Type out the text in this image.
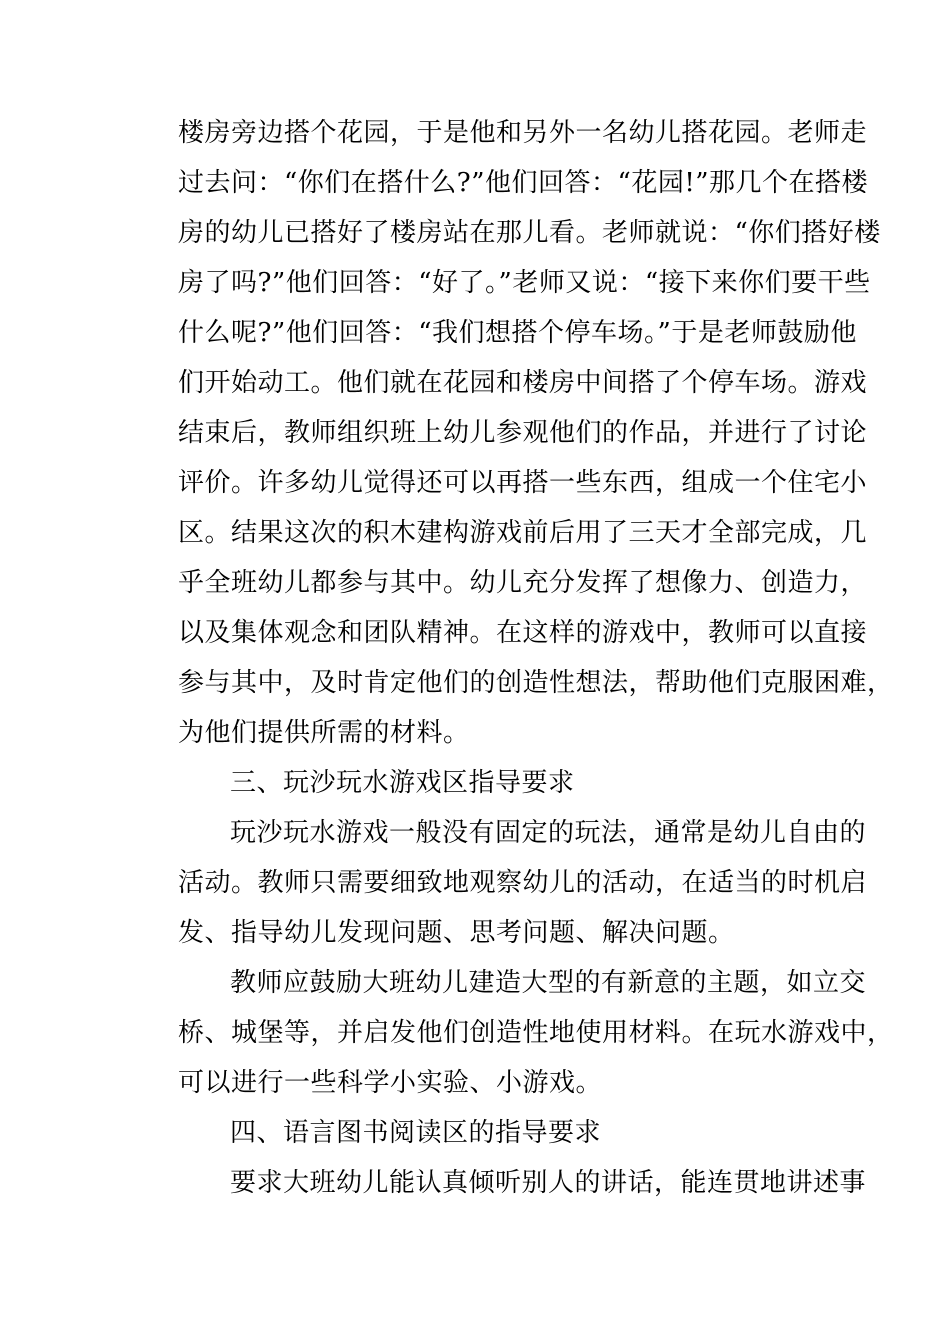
楼房旁边搭个花园，于是他和另外一名幼儿搭花园。老师走
过去问：“你们在搭什么?”他们回答：“花园!”那几个在搭楼
房的幼儿已搭好了楼房站在那儿看。老师就说：“你们搭好楼
房了吗?”他们回答：“好了。”老师又说：“接下来你们要干些
什么呢?”他们回答：“我们想搭个停车场。”于是老师鼓励他
们开始动工。他们就在花园和楼房中间搭了个停车场。游戏
结束后，教师组织班上幼儿参观他们的作品，并进行了讨论
评价。许多幼儿觉得还可以再搭一些东西，组成一个住宅小
区。结果这次的积木建构游戏前后用了三天才全部完成，几
乎全班幼儿都参与其中。幼儿充分发挥了想像力、创造力，
以及集体观念和团队精神。在这样的游戏中，教师可以直接
参与其中，及时肯定他们的创造性想法，帮助他们克服困难，
为他们提供所需的材料。
三、玩沙玩水游戏区指导要求
玩沙玩水游戏一般没有固定的玩法，通常是幼儿自由的
活动。教师只需要细致地观察幼儿的活动，在适当的时机启
发、指导幼儿发现问题、思考问题、解决问题。
教师应鼓励大班幼儿建造大型的有新意的主题，如立交
桥、城堡等，并启发他们创造性地使用材料。在玩水游戏中，
可以进行一些科学小实验、小游戏。
四、语言图书阅读区的指导要求
要求大班幼儿能认真倾听别人的讲话，能连贯地讲述事
